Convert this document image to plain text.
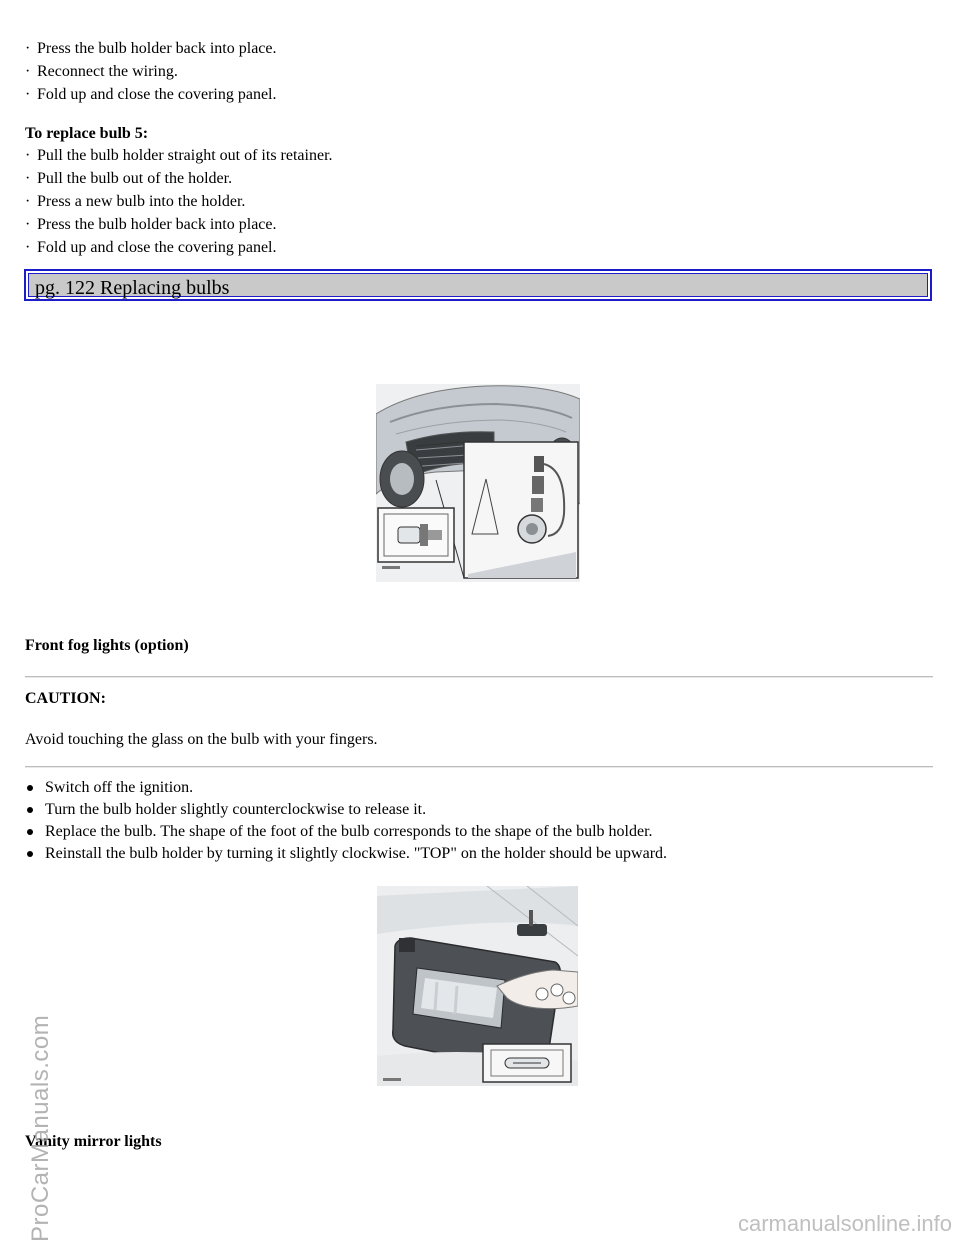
· Press the bulb holder back into place.
· Reconnect the wiring.
· Fold up and close the covering panel.
To replace bulb 5:
· Pull the bulb holder straight out of its retainer.
· Pull the bulb out of the holder.
· Press a new bulb into the holder.
· Press the bulb holder back into place.
· Fold up and close the covering panel.
pg. 122 Replacing bulbs
Front fog lights (option)
CAUTION:
Avoid touching the glass on the bulb with your fingers.
Switch off the ignition.
Turn the bulb holder slightly counterclockwise to release it.
Replace the bulb. The shape of the foot of the bulb corresponds to the shape of the bulb holder.
Reinstall the bulb holder by turning it slightly clockwise. "TOP" on the holder should be upward.
Vanity mirror lights
ProCarManuals.com	carmanualsonline.info
